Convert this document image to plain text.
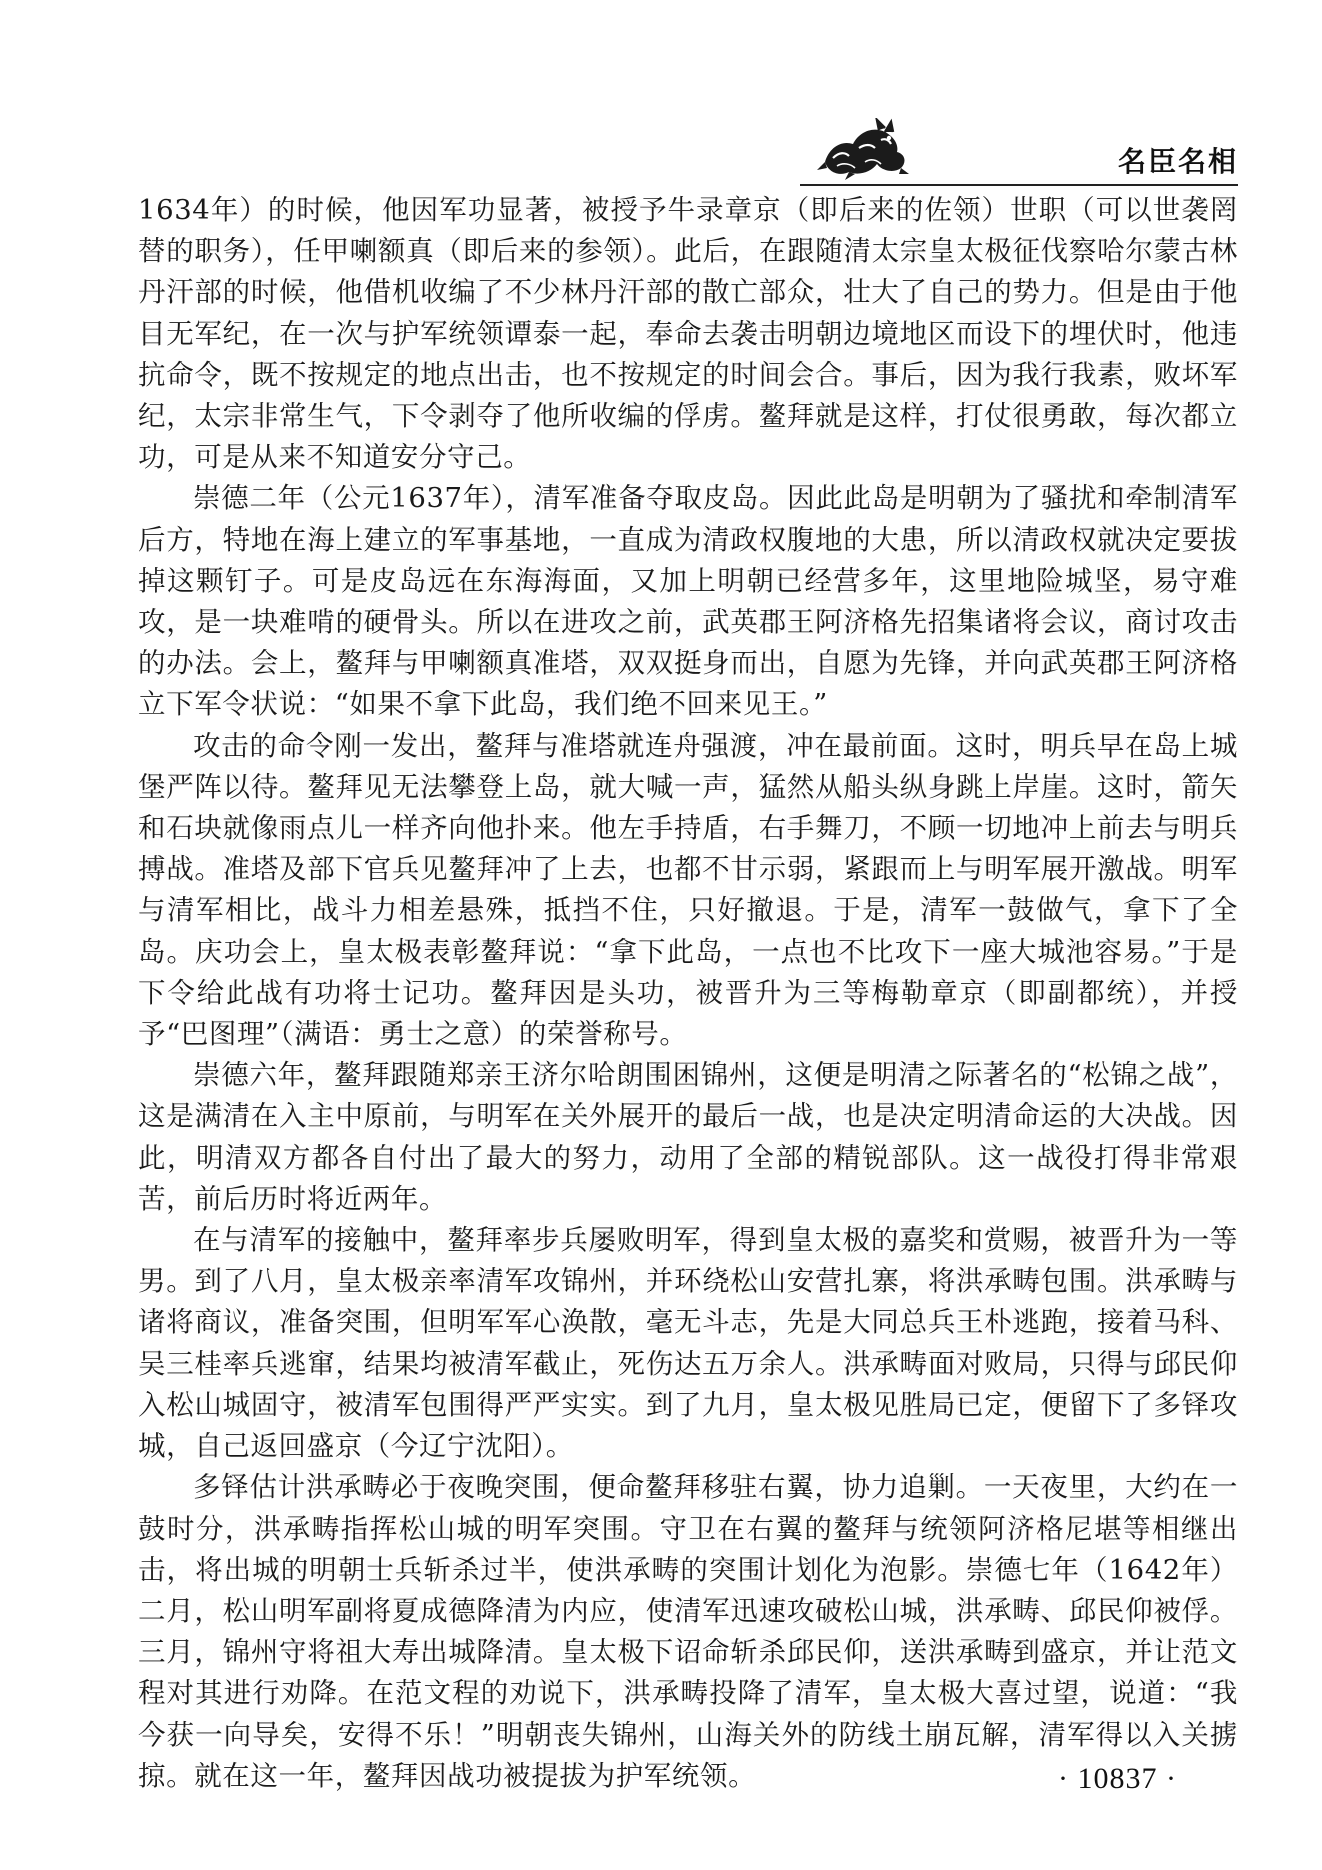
名臣名相

1634年）的时候，他因军功显著，被授予牛录章京（即后来的佐领）世职（可以世袭罔替的职务），任甲喇额真（即后来的参领）。此后，在跟随清太宗皇太极征伐察哈尔蒙古林丹汗部的时候，他借机收编了不少林丹汗部的散亡部众，壮大了自己的势力。但是由于他目无军纪，在一次与护军统领谭泰一起，奉命去袭击明朝边境地区而设下的埋伏时，他违抗命令，既不按规定的地点出击，也不按规定的时间会合。事后，因为我行我素，败坏军纪，太宗非常生气，下令剥夺了他所收编的俘虏。鳌拜就是这样，打仗很勇敢，每次都立功，可是从来不知道安分守己。

崇德二年（公元1637年），清军准备夺取皮岛。因此此岛是明朝为了骚扰和牵制清军后方，特地在海上建立的军事基地，一直成为清政权腹地的大患，所以清政权就决定要拔掉这颗钉子。可是皮岛远在东海海面，又加上明朝已经营多年，这里地险城坚，易守难攻，是一块难啃的硬骨头。所以在进攻之前，武英郡王阿济格先招集诸将会议，商讨攻击的办法。会上，鳌拜与甲喇额真准塔，双双挺身而出，自愿为先锋，并向武英郡王阿济格立下军令状说：“如果不拿下此岛，我们绝不回来见王。”

攻击的命令刚一发出，鳌拜与准塔就连舟强渡，冲在最前面。这时，明兵早在岛上城堡严阵以待。鳌拜见无法攀登上岛，就大喊一声，猛然从船头纵身跳上岸崖。这时，箭矢和石块就像雨点儿一样齐向他扑来。他左手持盾，右手舞刀，不顾一切地冲上前去与明兵搏战。准塔及部下官兵见鳌拜冲了上去，也都不甘示弱，紧跟而上与明军展开激战。明军与清军相比，战斗力相差悬殊，抵挡不住，只好撤退。于是，清军一鼓做气，拿下了全岛。庆功会上，皇太极表彰鳌拜说：“拿下此岛，一点也不比攻下一座大城池容易。”于是下令给此战有功将士记功。鳌拜因是头功，被晋升为三等梅勒章京（即副都统），并授予“巴图理”（满语：勇士之意）的荣誉称号。

崇德六年，鳌拜跟随郑亲王济尔哈朗围困锦州，这便是明清之际著名的“松锦之战”，这是满清在入主中原前，与明军在关外展开的最后一战，也是决定明清命运的大决战。因此，明清双方都各自付出了最大的努力，动用了全部的精锐部队。这一战役打得非常艰苦，前后历时将近两年。

在与清军的接触中，鳌拜率步兵屡败明军，得到皇太极的嘉奖和赏赐，被晋升为一等男。到了八月，皇太极亲率清军攻锦州，并环绕松山安营扎寨，将洪承畴包围。洪承畴与诸将商议，准备突围，但明军军心涣散，毫无斗志，先是大同总兵王朴逃跑，接着马科、吴三桂率兵逃窜，结果均被清军截止，死伤达五万余人。洪承畴面对败局，只得与邱民仰入松山城固守，被清军包围得严严实实。到了九月，皇太极见胜局已定，便留下了多铎攻城，自己返回盛京（今辽宁沈阳）。

多铎估计洪承畴必于夜晚突围，便命鳌拜移驻右翼，协力追剿。一天夜里，大约在一鼓时分，洪承畴指挥松山城的明军突围。守卫在右翼的鳌拜与统领阿济格尼堪等相继出击，将出城的明朝士兵斩杀过半，使洪承畴的突围计划化为泡影。崇德七年（1642年）二月，松山明军副将夏成德降清为内应，使清军迅速攻破松山城，洪承畴、邱民仰被俘。三月，锦州守将祖大寿出城降清。皇太极下诏命斩杀邱民仰，送洪承畴到盛京，并让范文程对其进行劝降。在范文程的劝说下，洪承畴投降了清军，皇太极大喜过望，说道：“我今获一向导矣，安得不乐！”明朝丧失锦州，山海关外的防线土崩瓦解，清军得以入关掳掠。就在这一年，鳌拜因战功被提拔为护军统领。	· 10837 ·
